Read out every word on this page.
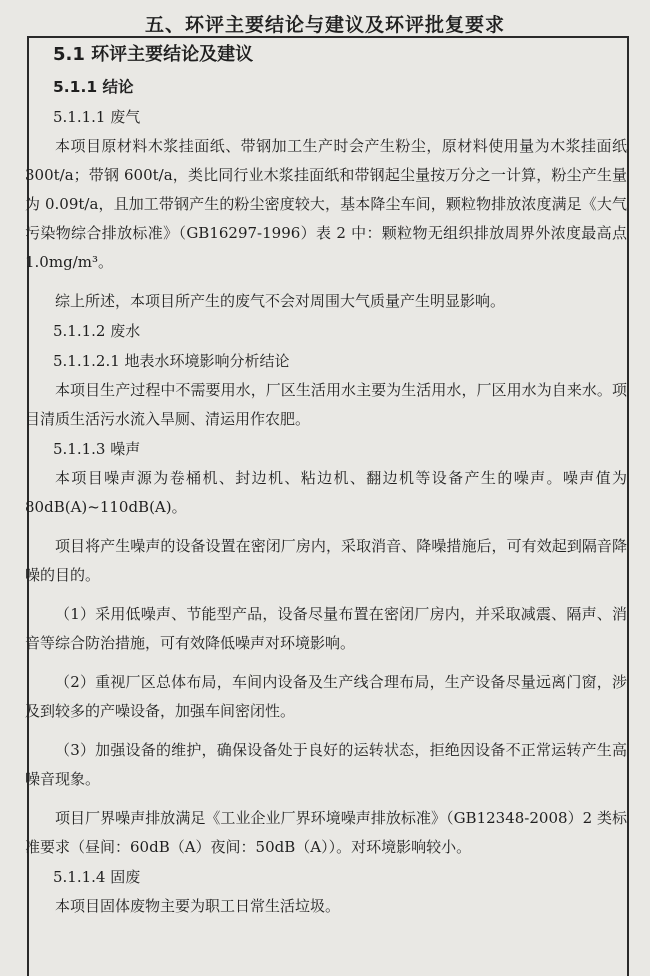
五、环评主要结论与建议及环评批复要求
5.1 环评主要结论及建议
5.1.1 结论
5.1.1.1 废气

本项目原材料木浆挂面纸、带钢加工生产时会产生粉尘，原材料使用量为木浆挂面纸 300t/a；带钢 600t/a，类比同行业木浆挂面纸和带钢起尘量按万分之一计算，粉尘产生量为 0.09t/a，且加工带钢产生的粉尘密度较大，基本降尘车间，颗粒物排放浓度满足《大气污染物综合排放标准》（GB16297-1996）表 2 中：颗粒物无组织排放周界外浓度最高点 1.0mg/m³。

综上所述，本项目所产生的废气不会对周围大气质量产生明显影响。

5.1.1.2 废水
5.1.1.2.1 地表水环境影响分析结论

本项目生产过程中不需要用水，厂区生活用水主要为生活用水，厂区用水为自来水。项目清质生活污水流入旱厕、清运用作农肥。

5.1.1.3 噪声

本项目噪声源为卷桶机、封边机、粘边机、翻边机等设备产生的噪声。噪声值为 80dB(A)~110dB(A)。

项目将产生噪声的设备设置在密闭厂房内，采取消音、降噪措施后，可有效起到隔音降噪的目的。

（1）采用低噪声、节能型产品，设备尽量布置在密闭厂房内，并采取减震、隔声、消音等综合防治措施，可有效降低噪声对环境影响。

（2）重视厂区总体布局，车间内设备及生产线合理布局，生产设备尽量远离门窗，涉及到较多的产噪设备，加强车间密闭性。

（3）加强设备的维护，确保设备处于良好的运转状态，拒绝因设备不正常运转产生高噪音现象。

项目厂界噪声排放满足《工业企业厂界环境噪声排放标准》（GB12348-2008）2 类标准要求（昼间：60dB（A）夜间：50dB（A））。对环境影响较小。

5.1.1.4 固废

本项目固体废物主要为职工日常生活垃圾。
